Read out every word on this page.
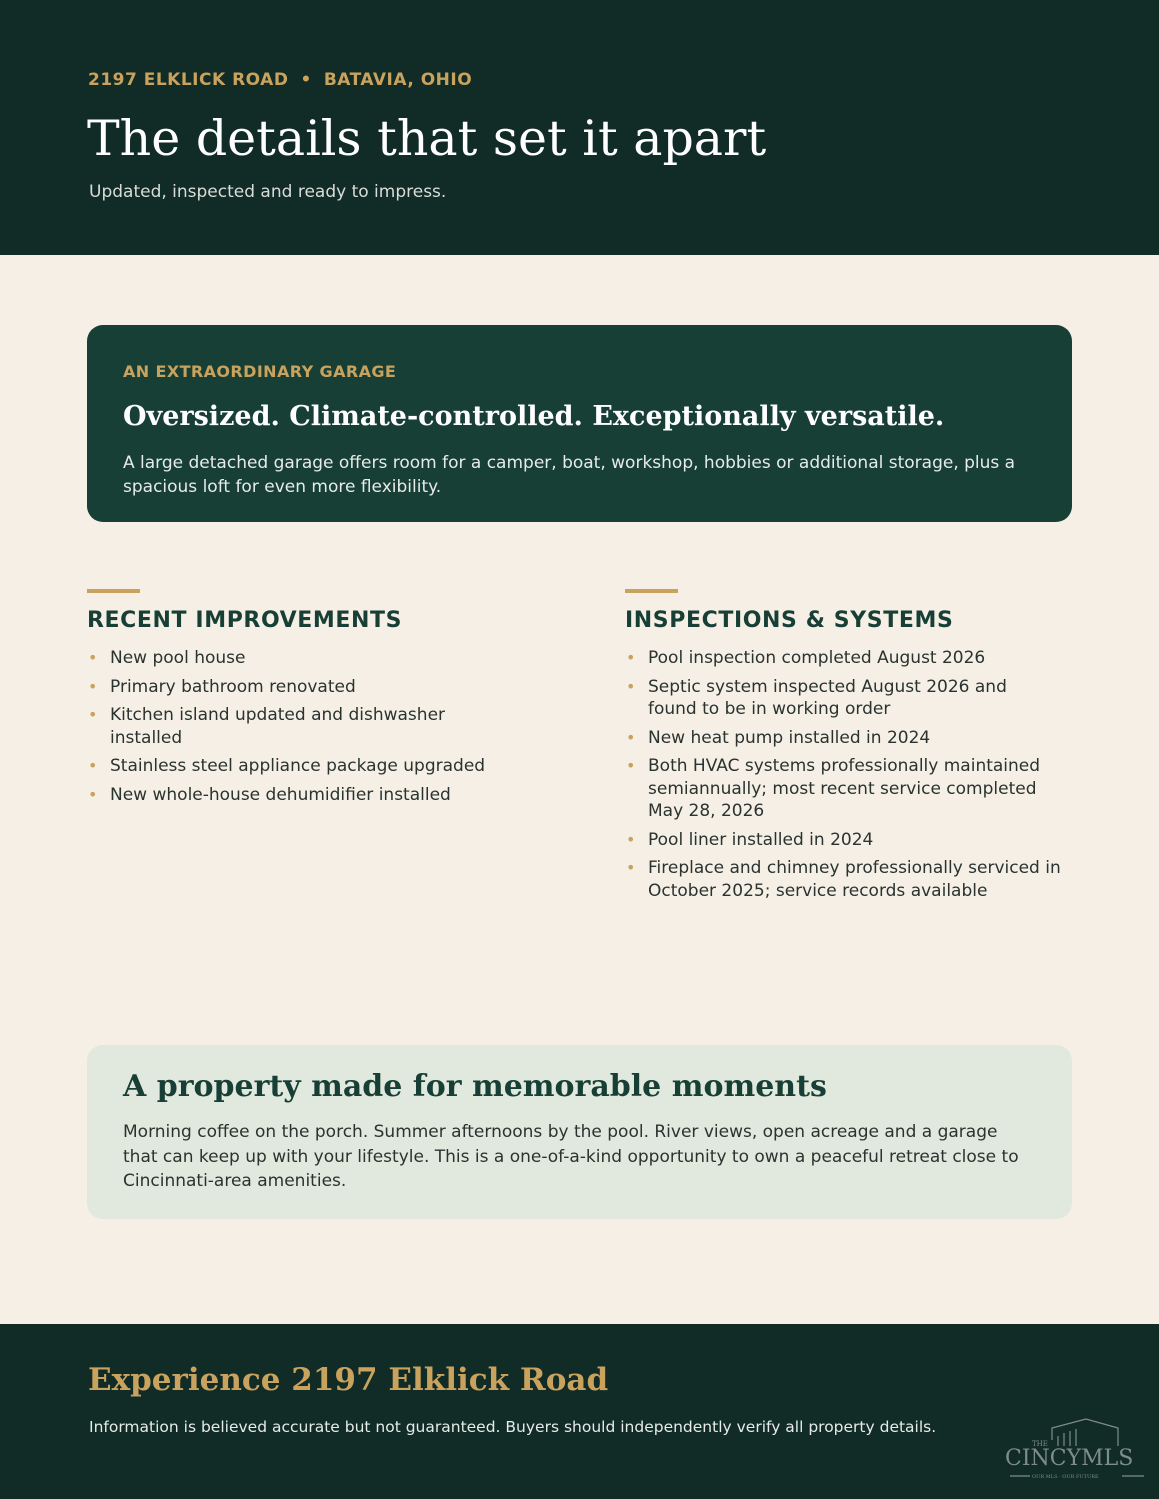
2197 ELKLICK ROAD • BATAVIA, OHIO
The details that set it apart
Updated, inspected and ready to impress.
AN EXTRAORDINARY GARAGE
Oversized. Climate-controlled. Exceptionally versatile.
A large detached garage offers room for a camper, boat, workshop, hobbies or additional storage, plus a spacious loft for even more flexibility.
RECENT IMPROVEMENTS
• New pool house
• Primary bathroom renovated
• Kitchen island updated and dishwasher installed
• Stainless steel appliance package upgraded
• New whole-house dehumidifier installed
INSPECTIONS & SYSTEMS
• Pool inspection completed August 2026
• Septic system inspected August 2026 and found to be in working order
• New heat pump installed in 2024
• Both HVAC systems professionally maintained semiannually; most recent service completed May 28, 2026
• Pool liner installed in 2024
• Fireplace and chimney professionally serviced in October 2025; service records available
A property made for memorable moments

Morning coffee on the porch. Summer afternoons by the pool. River views, open acreage and a garage that can keep up with your lifestyle. This is a one-of-a-kind opportunity to own a peaceful retreat close to Cincinnati-area amenities.

Experience 2197 Elklick Road
Information is believed accurate but not guaranteed. Buyers should independently verify all property details.
THE
CINCYMLS
OUR MLS · OUR FUTURE
